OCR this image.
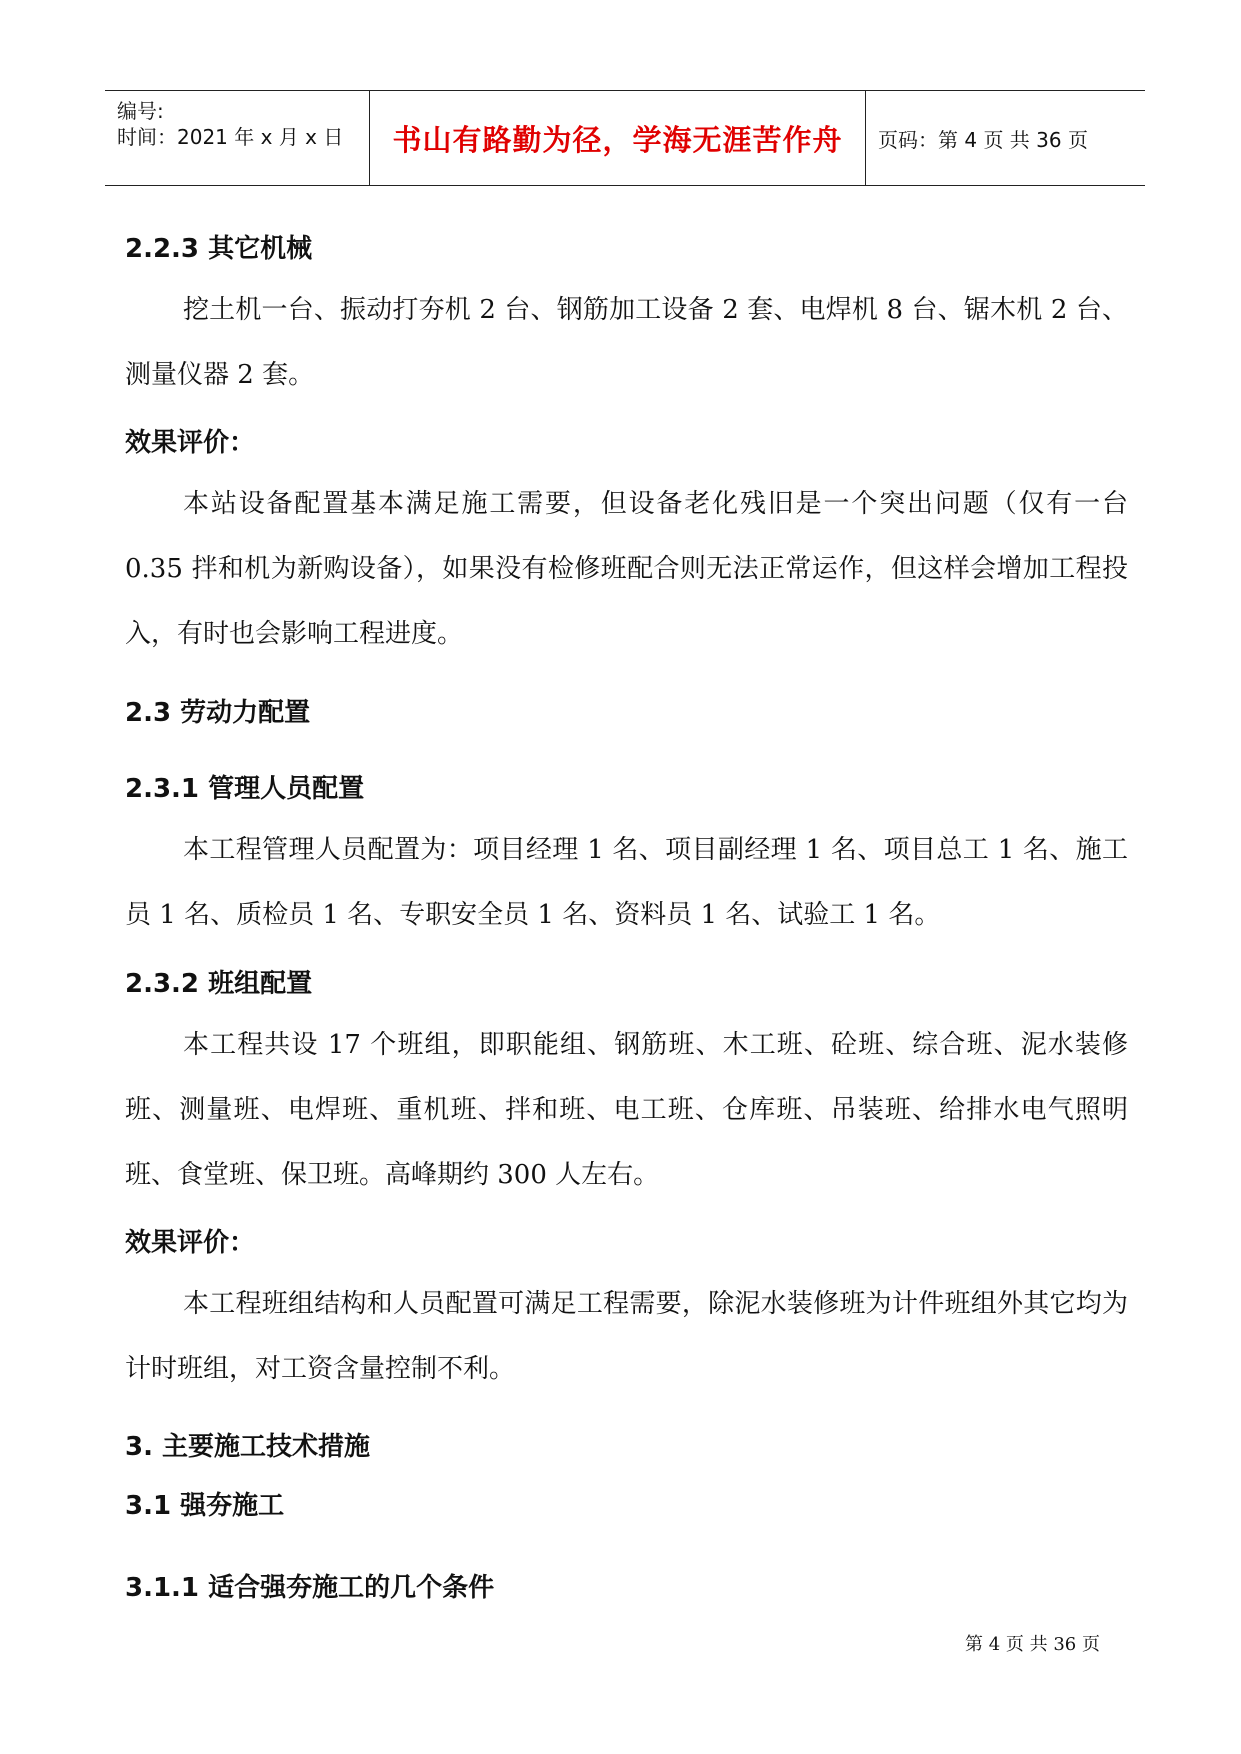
编号:
时间：2021 年 x 月 x 日 书山有路勤为径，学海无涯苦作舟 页码：第 4 页 共 36 页
2.2.3 其它机械

挖土机一台、振动打夯机 2 台、钢筋加工设备 2 套、电焊机 8 台、锯木机 2 台、测量仪器 2 套。

效果评价：

本站设备配置基本满足施工需要，但设备老化残旧是一个突出问题（仅有一台 0.35 拌和机为新购设备），如果没有检修班配合则无法正常运作，但这样会增加工程投入，有时也会影响工程进度。

2.3 劳动力配置
2.3.1 管理人员配置

本工程管理人员配置为：项目经理 1 名、项目副经理 1 名、项目总工 1 名、施工员 1 名、质检员 1 名、专职安全员 1 名、资料员 1 名、试验工 1 名。

2.3.2 班组配置

本工程共设 17 个班组，即职能组、钢筋班、木工班、砼班、综合班、泥水装修班、测量班、电焊班、重机班、拌和班、电工班、仓库班、吊装班、给排水电气照明班、食堂班、保卫班。高峰期约 300 人左右。

效果评价：

本工程班组结构和人员配置可满足工程需要，除泥水装修班为计件班组外其它均为计时班组，对工资含量控制不利。

3. 主要施工技术措施
3.1 强夯施工
3.1.1 适合强夯施工的几个条件
第 4 页 共 36 页
